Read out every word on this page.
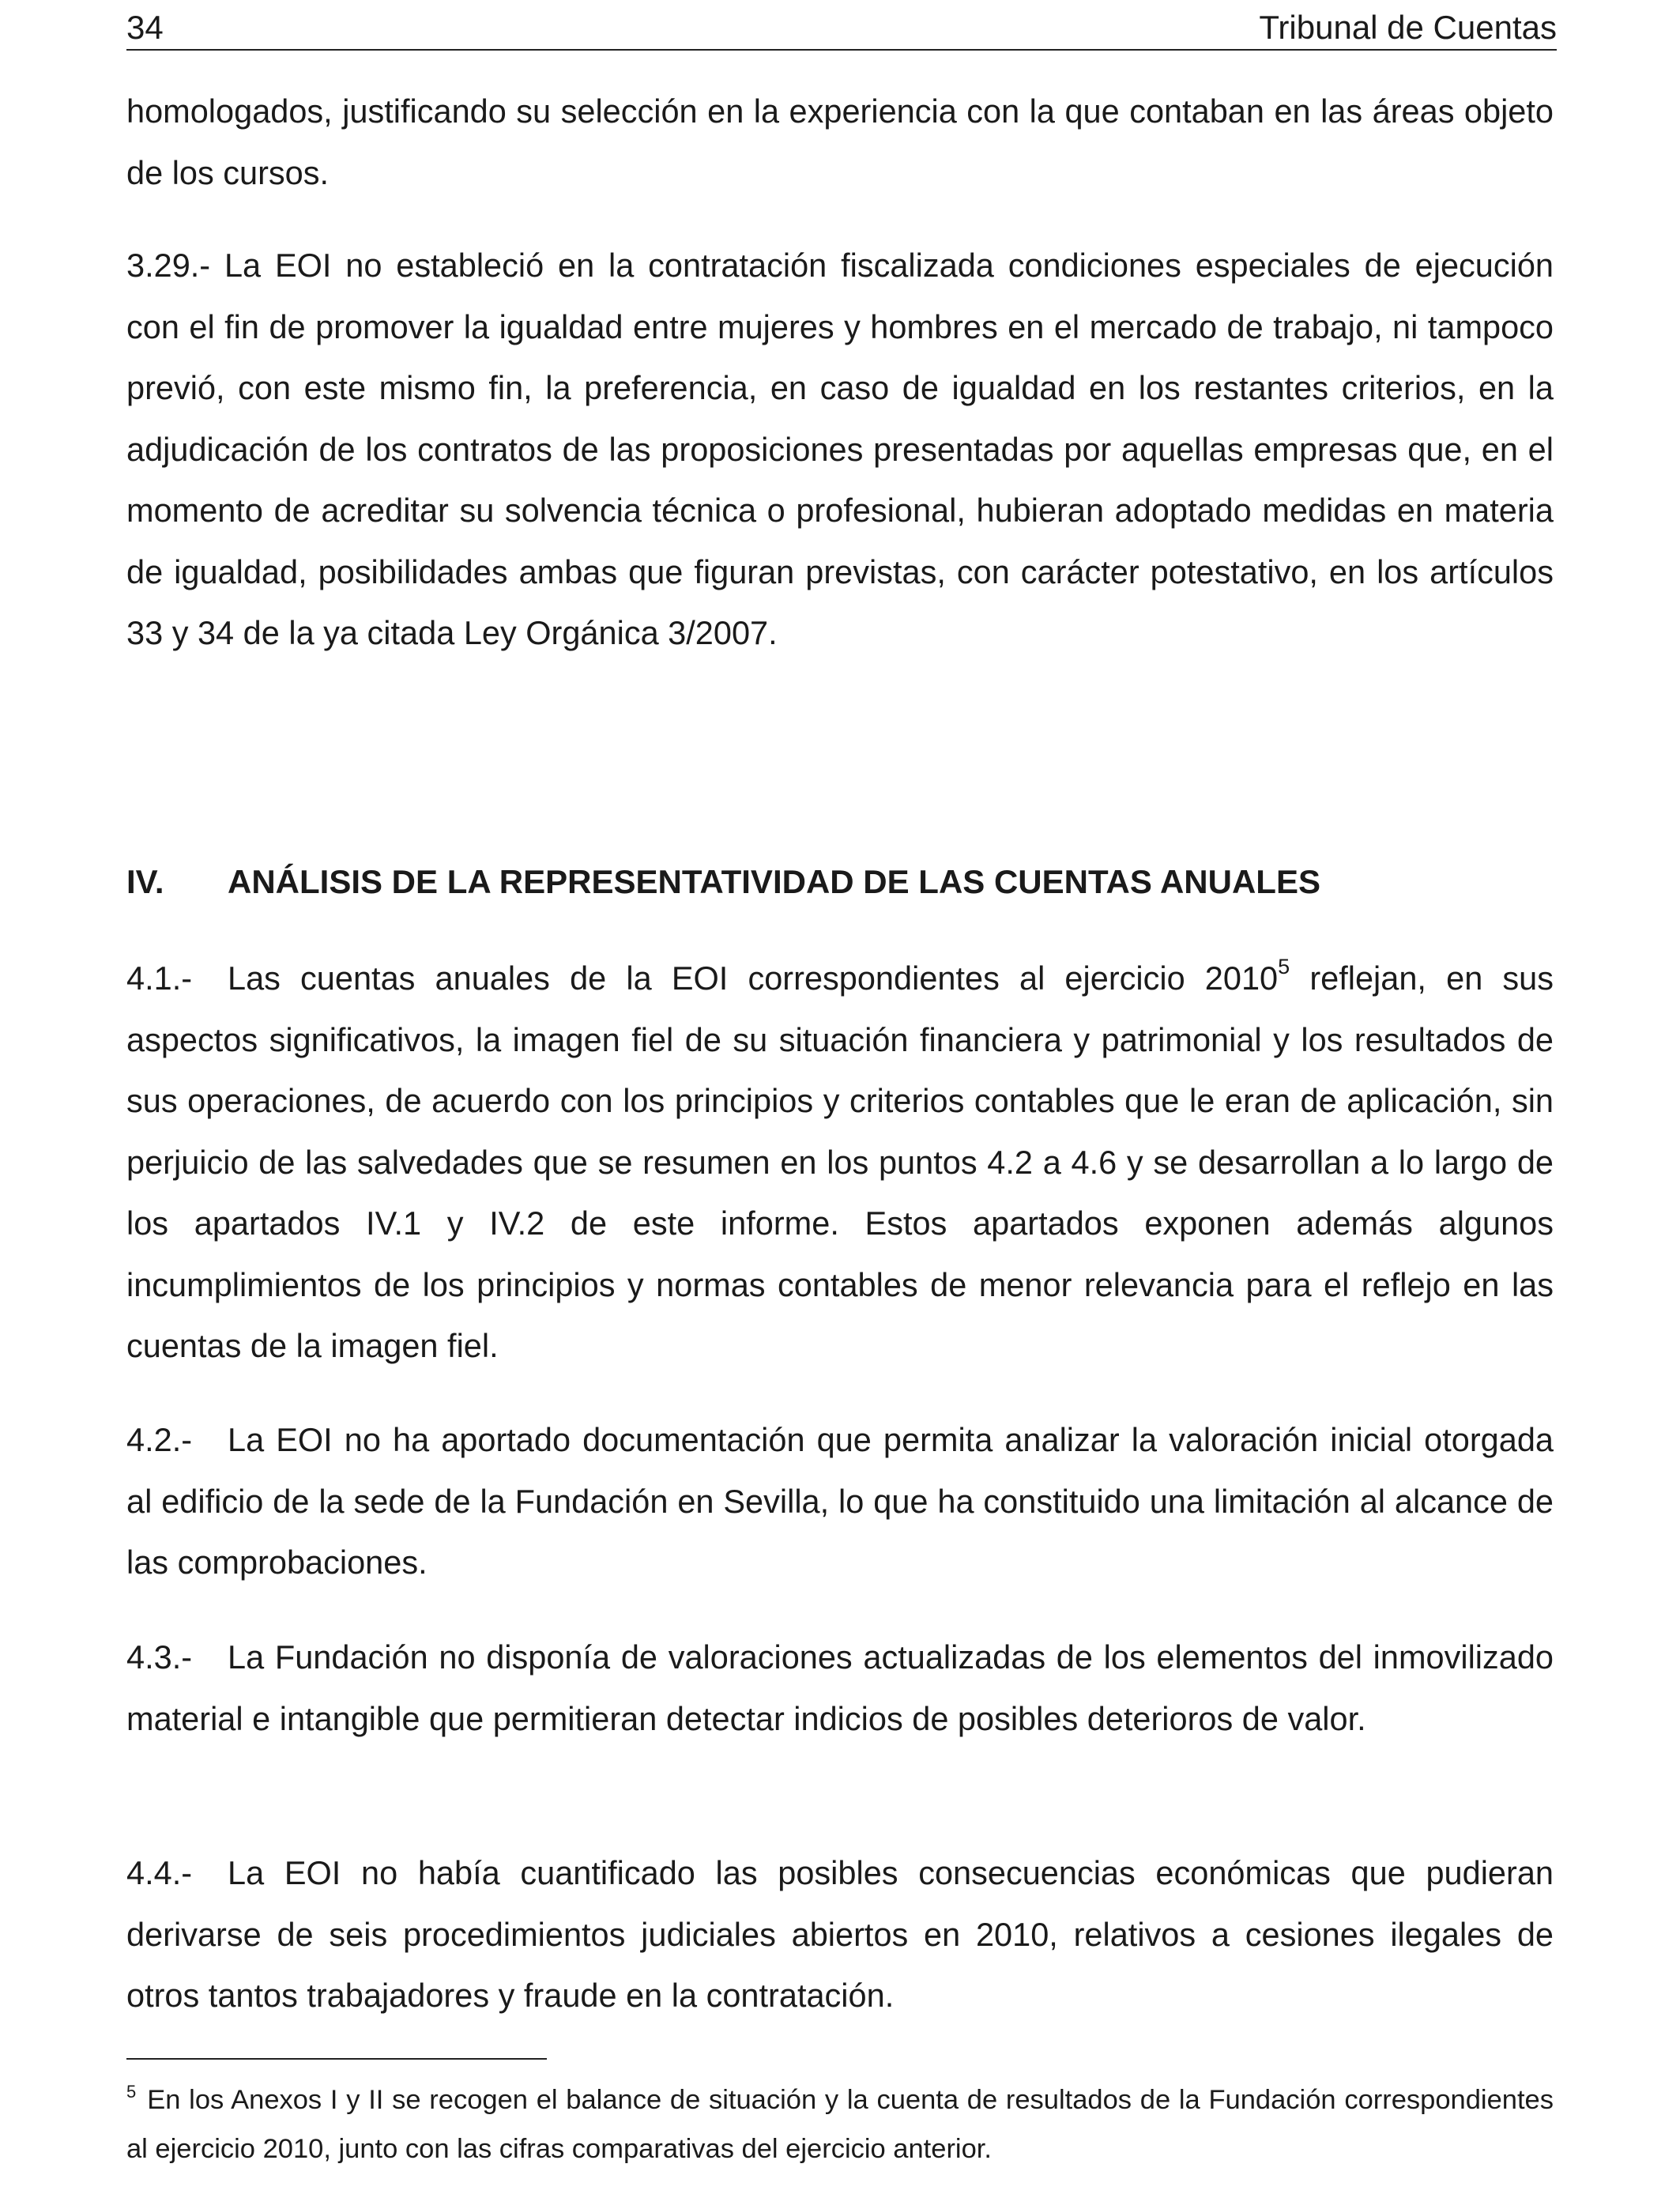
34	Tribunal de Cuentas

homologados, justificando su selección en la experiencia con la que contaban en las áreas objeto de los cursos.

3.29.- La EOI no estableció en la contratación fiscalizada condiciones especiales de ejecución con el fin de promover la igualdad entre mujeres y hombres en el mercado de trabajo, ni tampoco previó, con este mismo fin, la preferencia, en caso de igualdad en los restantes criterios, en la adjudicación de los contratos de las proposiciones presentadas por aquellas empresas que, en el momento de acreditar su solvencia técnica o profesional, hubieran adoptado medidas en materia de igualdad, posibilidades ambas que figuran previstas, con carácter potestativo, en los artículos 33 y 34 de la ya citada Ley Orgánica 3/2007.

IV. ANÁLISIS DE LA REPRESENTATIVIDAD DE LAS CUENTAS ANUALES

4.1.- Las cuentas anuales de la EOI correspondientes al ejercicio 2010$^5$ reflejan, en sus aspectos significativos, la imagen fiel de su situación financiera y patrimonial y los resultados de sus operaciones, de acuerdo con los principios y criterios contables que le eran de aplicación, sin perjuicio de las salvedades que se resumen en los puntos 4.2 a 4.6 y se desarrollan a lo largo de los apartados IV.1 y IV.2 de este informe. Estos apartados exponen además algunos incumplimientos de los principios y normas contables de menor relevancia para el reflejo en las cuentas de la imagen fiel.

4.2.- La EOI no ha aportado documentación que permita analizar la valoración inicial otorgada al edificio de la sede de la Fundación en Sevilla, lo que ha constituido una limitación al alcance de las comprobaciones.

4.3.- La Fundación no disponía de valoraciones actualizadas de los elementos del inmovilizado material e intangible que permitieran detectar indicios de posibles deterioros de valor.

4.4.- La EOI no había cuantificado las posibles consecuencias económicas que pudieran derivarse de seis procedimientos judiciales abiertos en 2010, relativos a cesiones ilegales de otros tantos trabajadores y fraude en la contratación.

$^5$ En los Anexos I y II se recogen el balance de situación y la cuenta de resultados de la Fundación correspondientes al ejercicio 2010, junto con las cifras comparativas del ejercicio anterior.
